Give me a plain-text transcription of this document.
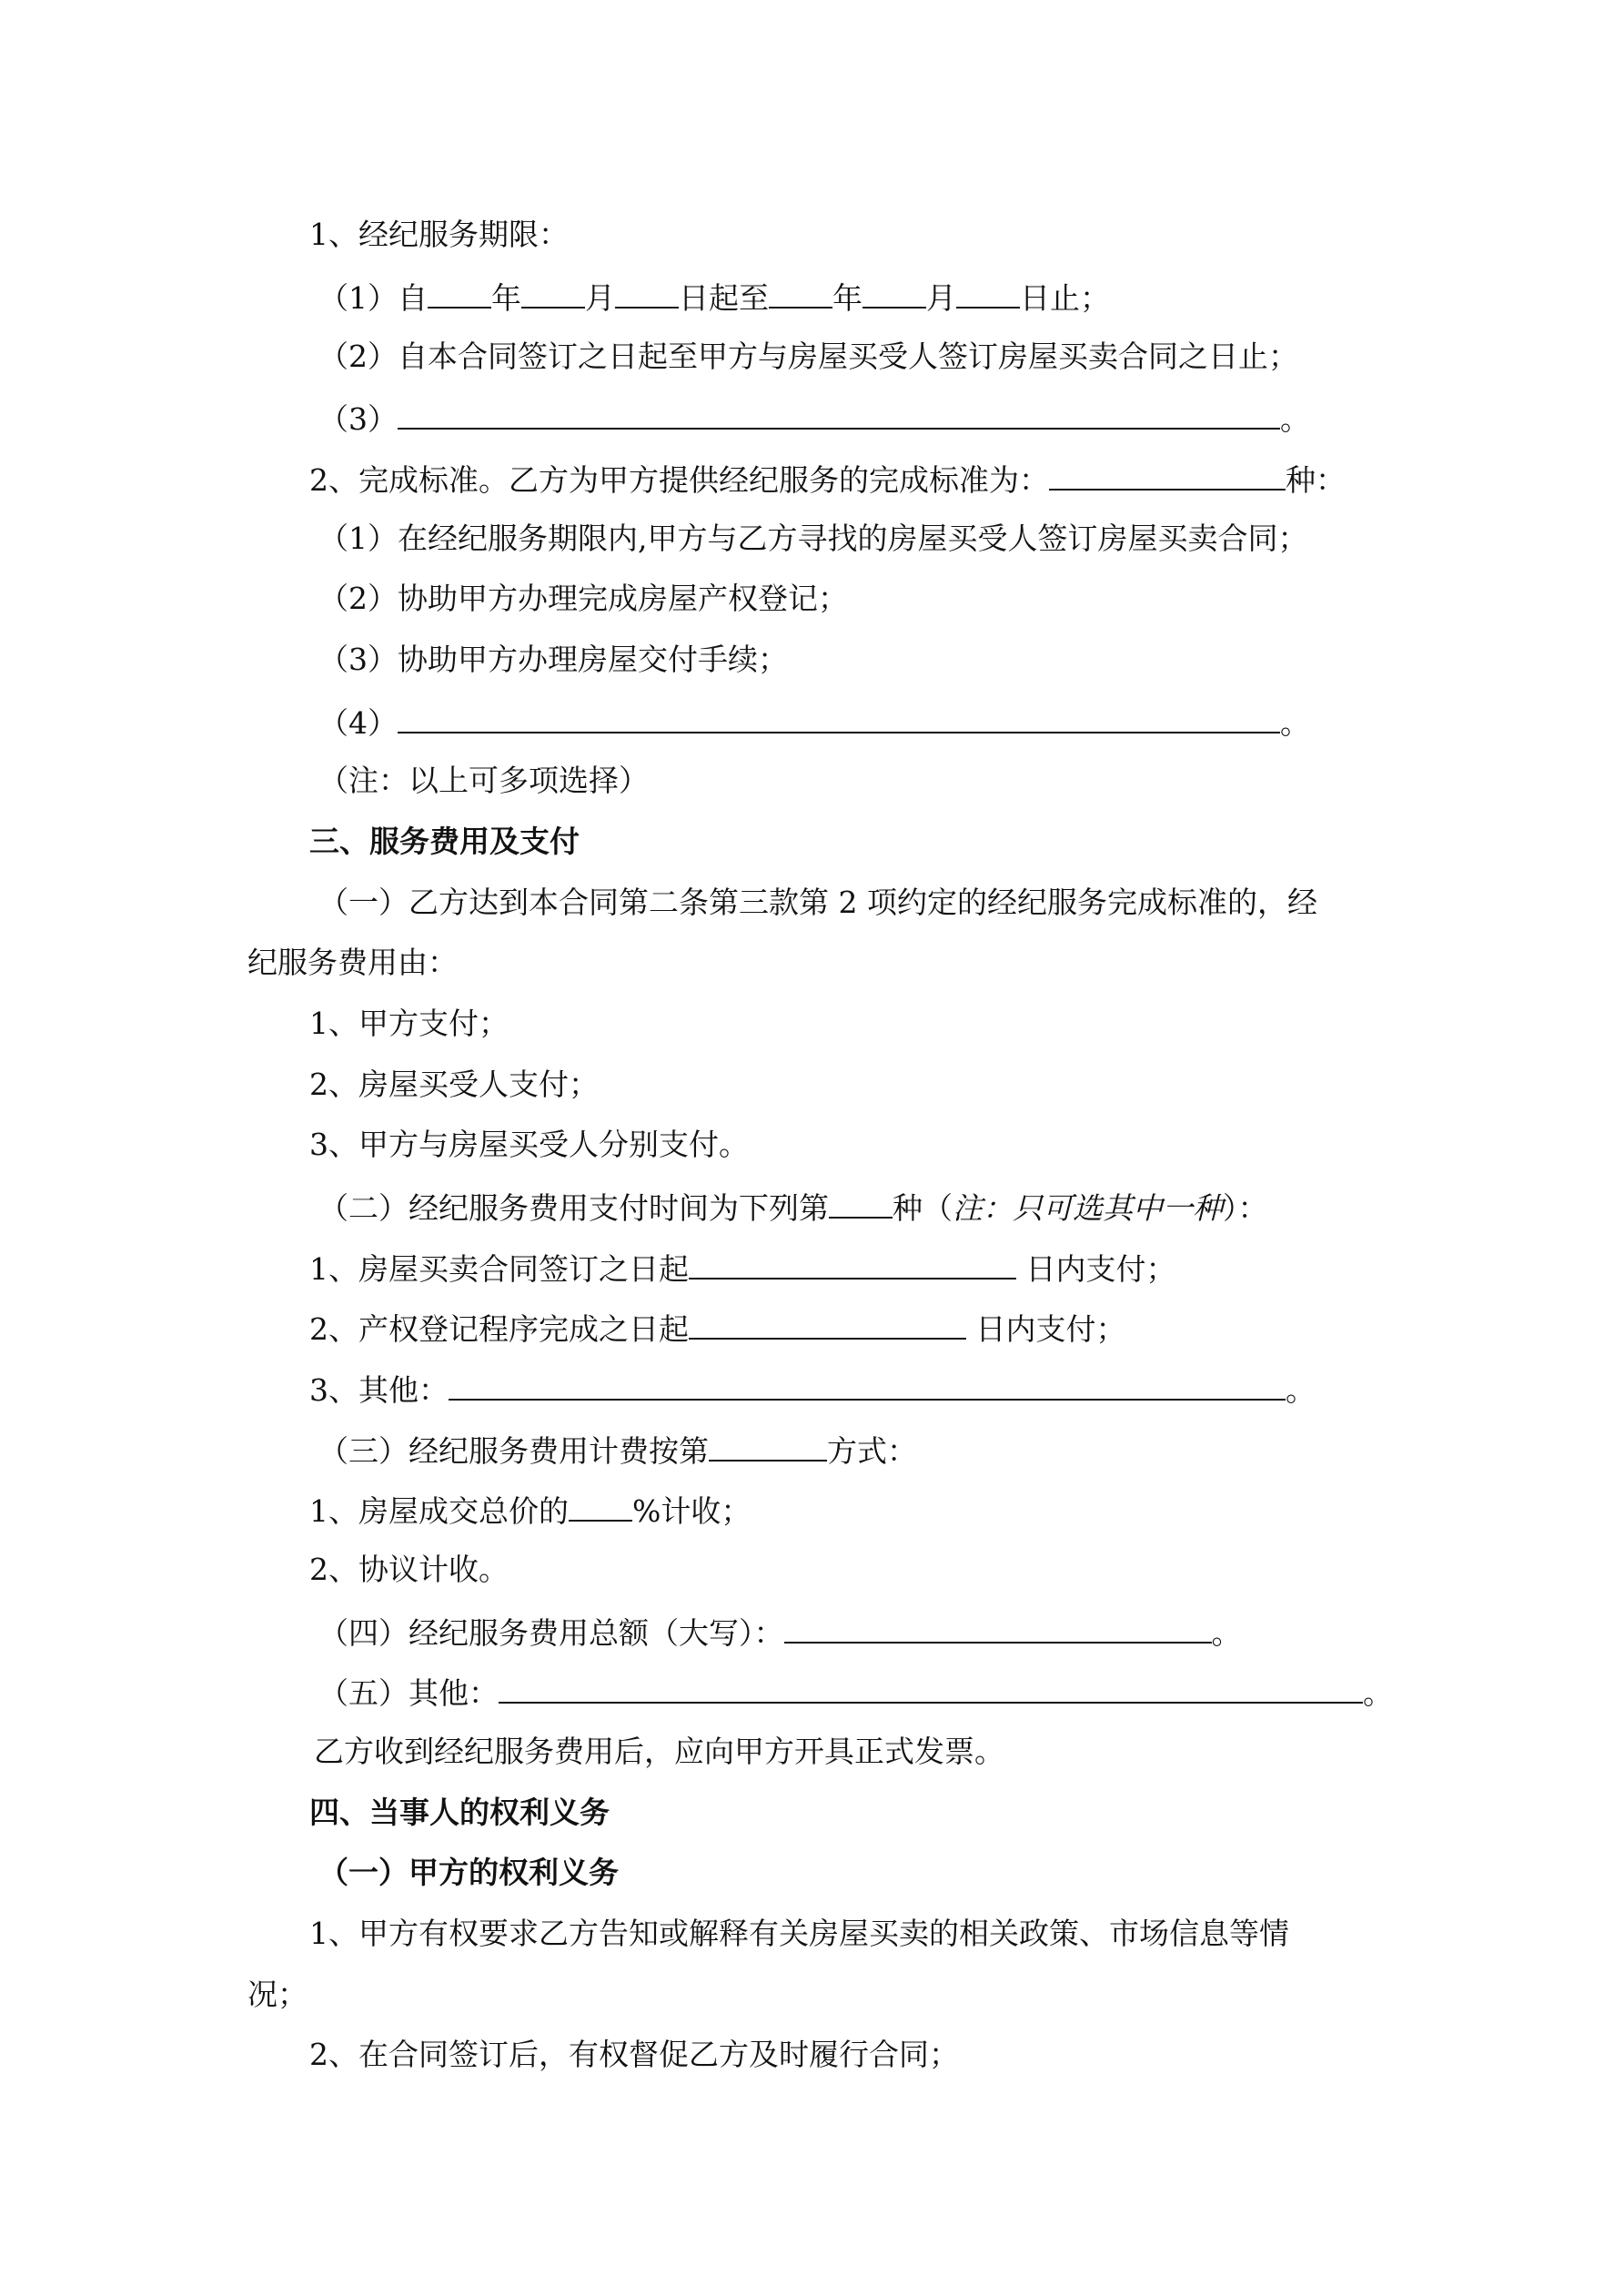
1、经纪服务期限：
（1）自 年 月 日起至 年 月 日止；
（2）自本合同签订之日起至甲方与房屋买受人签订房屋买卖合同之日止；
（3）	。
2、完成标准。乙方为甲方提供经纪服务的完成标准为：	种：
（1）在经纪服务期限内,甲方与乙方寻找的房屋买受人签订房屋买卖合同；
（2）协助甲方办理完成房屋产权登记；
（3）协助甲方办理房屋交付手续；
（4）	。
（注：以上可多项选择）
三、服务费用及支付
（一）乙方达到本合同第二条第三款第 2 项约定的经纪服务完成标准的，经
纪服务费用由：
1、甲方支付；
2、房屋买受人支付；
3、甲方与房屋买受人分别支付。
（二）经纪服务费用支付时间为下列第 种（注：只可选其中一种）：
1、房屋买卖合同签订之日起	日内支付；
2、产权登记程序完成之日起	日内支付；
3、其他：	。
（三）经纪服务费用计费按第	方式：
1、房屋成交总价的 %计收；
2、协议计收。
（四）经纪服务费用总额（大写）：	。
（五）其他：	。
乙方收到经纪服务费用后，应向甲方开具正式发票。
四、当事人的权利义务
（一）甲方的权利义务
1、甲方有权要求乙方告知或解释有关房屋买卖的相关政策、市场信息等情
况；
2、在合同签订后，有权督促乙方及时履行合同；
